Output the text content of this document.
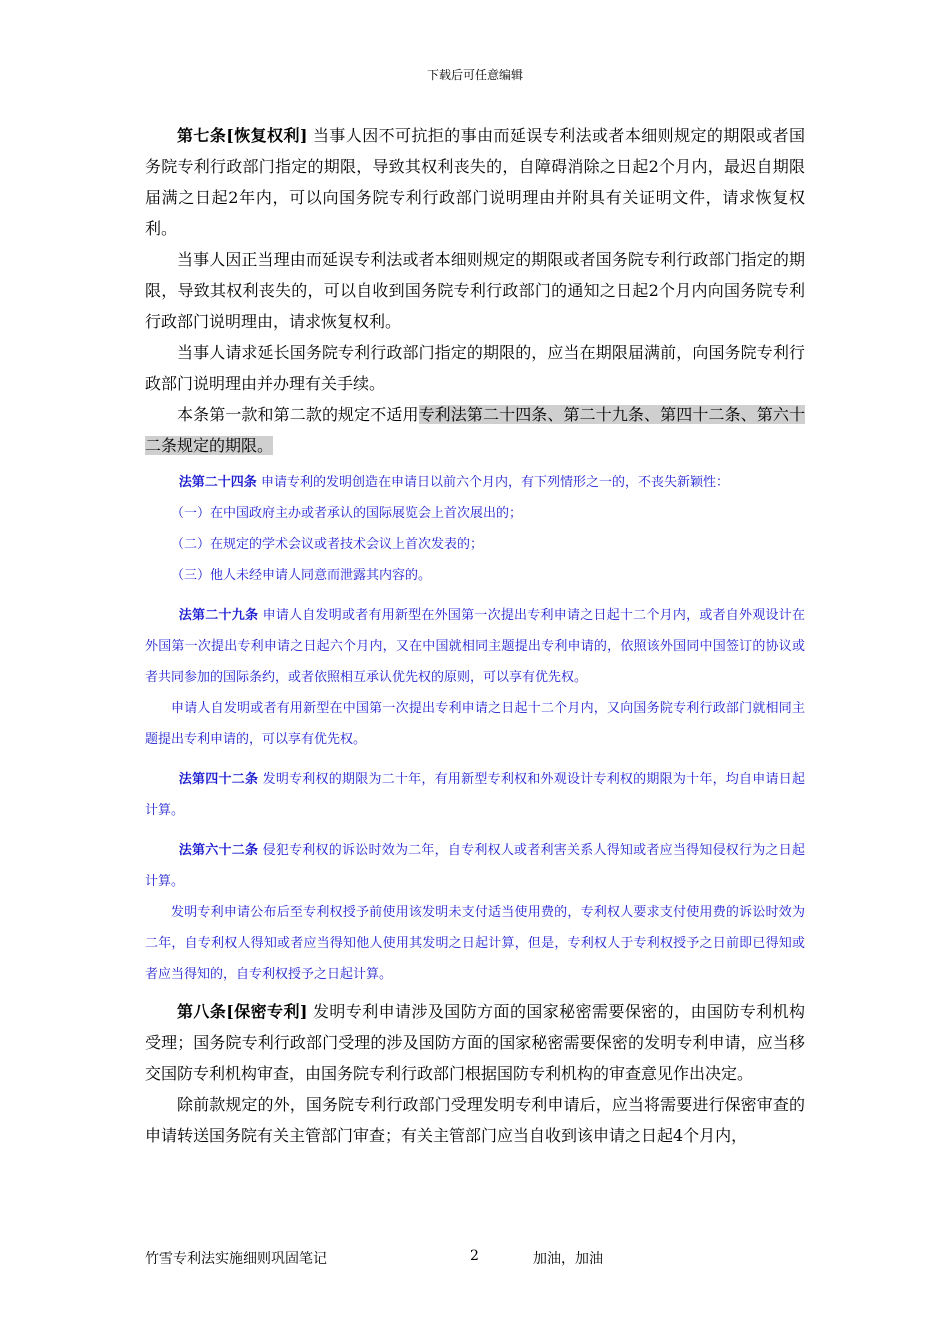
下载后可任意编辑

第七条[恢复权利] 当事人因不可抗拒的事由而延误专利法或者本细则规定的期限或者国务院专利行政部门指定的期限，导致其权利丧失的，自障碍消除之日起2个月内，最迟自期限届满之日起2年内，可以向国务院专利行政部门说明理由并附具有关证明文件，请求恢复权利。

当事人因正当理由而延误专利法或者本细则规定的期限或者国务院专利行政部门指定的期限，导致其权利丧失的，可以自收到国务院专利行政部门的通知之日起2个月内向国务院专利行政部门说明理由，请求恢复权利。

当事人请求延长国务院专利行政部门指定的期限的，应当在期限届满前，向国务院专利行政部门说明理由并办理有关手续。

本条第一款和第二款的规定不适用专利法第二十四条、第二十九条、第四十二条、第六十二条规定的期限。

法第二十四条 申请专利的发明创造在申请日以前六个月内，有下列情形之一的，不丧失新颖性：

（一）在中国政府主办或者承认的国际展览会上首次展出的；

（二）在规定的学术会议或者技术会议上首次发表的；

（三）他人未经申请人同意而泄露其内容的。

法第二十九条 申请人自发明或者有用新型在外国第一次提出专利申请之日起十二个月内，或者自外观设计在外国第一次提出专利申请之日起六个月内，又在中国就相同主题提出专利申请的，依照该外国同中国签订的协议或者共同参加的国际条约，或者依照相互承认优先权的原则，可以享有优先权。

申请人自发明或者有用新型在中国第一次提出专利申请之日起十二个月内，又向国务院专利行政部门就相同主题提出专利申请的，可以享有优先权。

法第四十二条 发明专利权的期限为二十年，有用新型专利权和外观设计专利权的期限为十年，均自申请日起计算。

法第六十二条 侵犯专利权的诉讼时效为二年，自专利权人或者利害关系人得知或者应当得知侵权行为之日起计算。

发明专利申请公布后至专利权授予前使用该发明未支付适当使用费的，专利权人要求支付使用费的诉讼时效为二年，自专利权人得知或者应当得知他人使用其发明之日起计算，但是，专利权人于专利权授予之日前即已得知或者应当得知的，自专利权授予之日起计算。

第八条[保密专利] 发明专利申请涉及国防方面的国家秘密需要保密的，由国防专利机构受理；国务院专利行政部门受理的涉及国防方面的国家秘密需要保密的发明专利申请，应当移交国防专利机构审查，由国务院专利行政部门根据国防专利机构的审查意见作出决定。

除前款规定的外，国务院专利行政部门受理发明专利申请后，应当将需要进行保密审查的申请转送国务院有关主管部门审查；有关主管部门应当自收到该申请之日起4个月内，

竹雪专利法实施细则巩固笔记	2	加油，加油
